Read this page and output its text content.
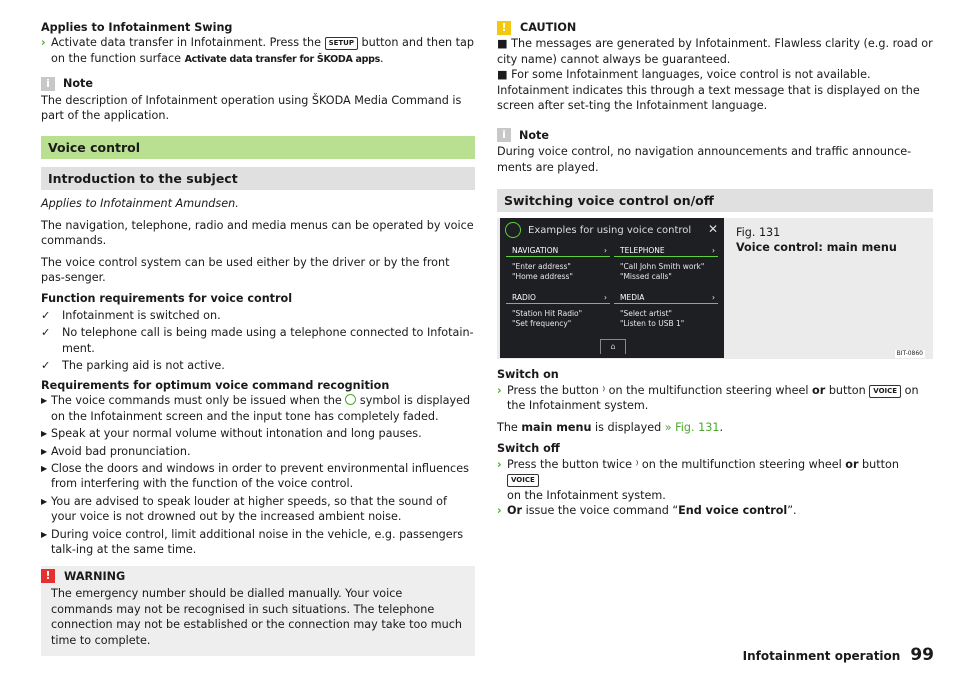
Applies to Infotainment Swing

› Activate data transfer in Infotainment. Press the SETUP button and then tap on the function surface Activate data transfer for ŠKODA apps.

i	Note

The description of Infotainment operation using ŠKODA Media Command is part of the application.

Voice control
Introduction to the subject

Applies to Infotainment Amundsen.

The navigation, telephone, radio and media menus can be operated by voice commands.

The voice control system can be used either by the driver or by the front pas-senger.

Function requirements for voice control

✓ Infotainment is switched on.
✓ No telephone call is being made using a telephone connected to Infotain-ment.
✓ The parking aid is not active.

Requirements for optimum voice command recognition

▶ The voice commands must only be issued when the  symbol is displayed on the Infotainment screen and the input tone has completely faded.
▶ Speak at your normal volume without intonation and long pauses.
▶ Avoid bad pronunciation.
▶ Close the doors and windows in order to prevent environmental influences from interfering with the function of the voice control.
▶ You are advised to speak louder at higher speeds, so that the sound of your voice is not drowned out by the increased ambient noise.
▶ During voice control, limit additional noise in the vehicle, e.g. passengers talk-ing at the same time.
!	WARNING
The emergency number should be dialled manually. Your voice commands may not be recognised in such situations. The telephone connection may not be established or the connection may take too much time to complete.
!	CAUTION

■ The messages are generated by Infotainment. Flawless clarity (e.g. road or city name) cannot always be guaranteed.

■ For some Infotainment languages, voice control is not available. Infotainment indicates this through a text message that is displayed on the screen after set-ting the Infotainment language.

i	Note

During voice control, no navigation announcements and traffic announce-ments are played.

Switching voice control on/off
Examples for using voice control ✕
NAVIGATION	›
"Enter address"
"Home address"
TELEPHONE	›
"Call John Smith work"
"Missed calls"
RADIO	›
"Station Hit Radio"
"Set frequency"
MEDIA	›
"Select artist"
"Listen to USB 1"
⌂
Fig. 131
Voice control: main menu
BIT-0860

Switch on

› Press the button ⁾ on the multifunction steering wheel or button VOICE on the Infotainment system.

The main menu is displayed » Fig. 131.

Switch off

› Press the button twice ⁾ on the multifunction steering wheel or button VOICE
on the Infotainment system.

› Or issue the voice command “End voice control”.

Infotainment operation 99
